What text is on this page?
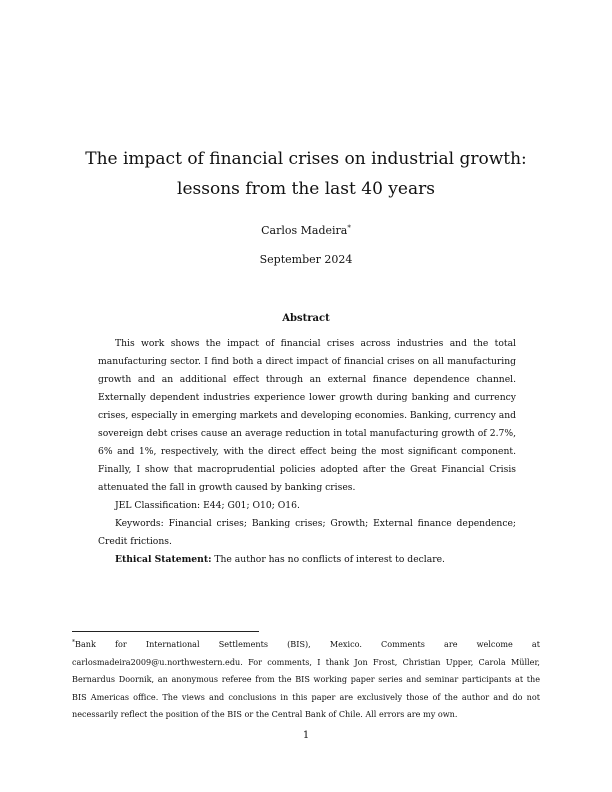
The impact of financial crises on industrial growth: lessons from the last 40 years
Carlos Madeira*
September 2024
Abstract

This work shows the impact of financial crises across industries and the total manufacturing sector. I find both a direct impact of financial crises on all manufacturing growth and an additional effect through an external finance dependence channel. Externally dependent industries experience lower growth during banking and currency crises, especially in emerging markets and developing economies. Banking, currency and sovereign debt crises cause an average reduction in total manufacturing growth of 2.7%, 6% and 1%, respectively, with the direct effect being the most significant component. Finally, I show that macroprudential policies adopted after the Great Financial Crisis attenuated the fall in growth caused by banking crises.

JEL Classification: E44; G01; O10; O16.

Keywords: Financial crises; Banking crises; Growth; External finance dependence; Credit frictions.

Ethical Statement: The author has no conflicts of interest to declare.

*Bank for International Settlements (BIS), Mexico. Comments are welcome at carlosmadeira2009@u.northwestern.edu. For comments, I thank Jon Frost, Christian Upper, Carola Müller, Bernardus Doornik, an anonymous referee from the BIS working paper series and seminar participants at the BIS Americas office. The views and conclusions in this paper are exclusively those of the author and do not necessarily reflect the position of the BIS or the Central Bank of Chile. All errors are my own.

1
